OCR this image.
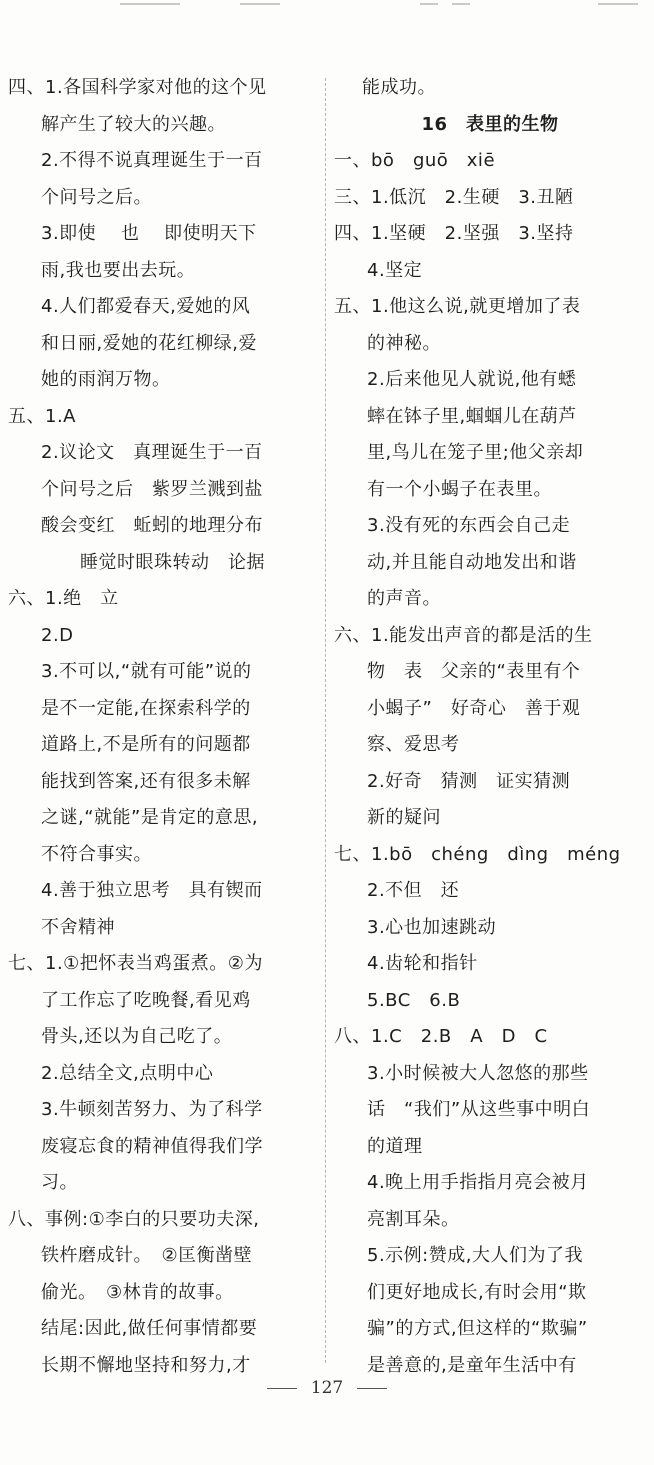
四、1.各国科学家对他的这个见
解产生了较大的兴趣。
2.不得不说真理诞生于一百
个问号之后。
3.即使　 也　 即使明天下
雨,我也要出去玩。
4.人们都爱春天,爱她的风
和日丽,爱她的花红柳绿,爱
她的雨润万物。
五、1.A
2.议论文　真理诞生于一百
个问号之后　紫罗兰溅到盐
酸会变红　蚯蚓的地理分布
睡觉时眼珠转动　论据
六、1.绝　立
2.D
3.不可以,“就有可能”说的
是不一定能,在探索科学的
道路上,不是所有的问题都
能找到答案,还有很多未解
之谜,“就能”是肯定的意思,
不符合事实。
4.善于独立思考　具有锲而
不舍精神
七、1.①把怀表当鸡蛋煮。②为
了工作忘了吃晚餐,看见鸡
骨头,还以为自己吃了。
2.总结全文,点明中心
3.牛顿刻苦努力、为了科学
废寝忘食的精神值得我们学
习。
八、事例:①李白的只要功夫深,
铁杵磨成针。　②匡衡凿壁
偷光。　③林肯的故事。
结尾:因此,做任何事情都要
长期不懈地坚持和努力,才
能成功。
16　表里的生物
一、bō　guō　xiē
三、1.低沉　2.生硬　3.丑陋
四、1.坚硬　2.坚强　3.坚持
4.坚定
五、1.他这么说,就更增加了表
的神秘。
2.后来他见人就说,他有蟋
蟀在钵子里,蝈蝈儿在葫芦
里,鸟儿在笼子里;他父亲却
有一个小蝎子在表里。
3.没有死的东西会自己走
动,并且能自动地发出和谐
的声音。
六、1.能发出声音的都是活的生
物　表　父亲的“表里有个
小蝎子”　好奇心　善于观
察、爱思考
2.好奇　猜测　证实猜测
新的疑问
七、1.bō　chéng　dìng　méng
2.不但　还
3.心也加速跳动
4.齿轮和指针
5.BC　6.B
八、1.C　2.B　A　D　C
3.小时候被大人忽悠的那些
话　“我们”从这些事中明白
的道理
4.晚上用手指指月亮会被月
亮割耳朵。
5.示例:赞成,大人们为了我
们更好地成长,有时会用“欺
骗”的方式,但这样的“欺骗”
是善意的,是童年生活中有
127
